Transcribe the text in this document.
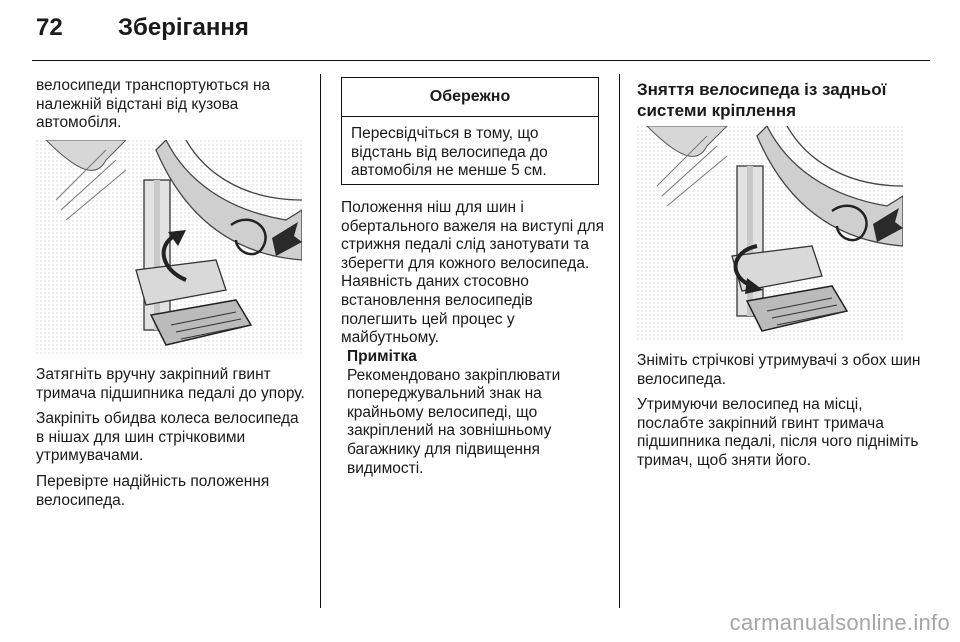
72 Зберігання
велосипеди транспортуються на належній відстані від кузова автомобіля.

Затягніть вручну закріпний гвинт тримача підшипника педалі до упору.

Закріпіть обидва колеса велосипеда в нішах для шин стрічковими утримувачами.

Перевірте надійність положення велосипеда.

Обережно
Пересвідчіться в тому, що відстань від велосипеда до автомобіля не менше 5 см.
Положення ніш для шин і обертального важеля на виступі для стрижня педалі слід занотувати та зберегти для кожного велосипеда. Наявність даних стосовно встановлення велосипедів полегшить цей процес у майбутньому.
Примітка
Рекомендовано закріплювати попереджувальний знак на крайньому велосипеді, що закріплений на зовнішньому багажнику для підвищення видимості.
Зняття велосипеда із задньої системи кріплення

Зніміть стрічкові утримувачі з обох шин велосипеда.

Утримуючи велосипед на місці, послабте закріпний гвинт тримача підшипника педалі, після чого підніміть тримач, щоб зняти його.

carmanualsonline.info
